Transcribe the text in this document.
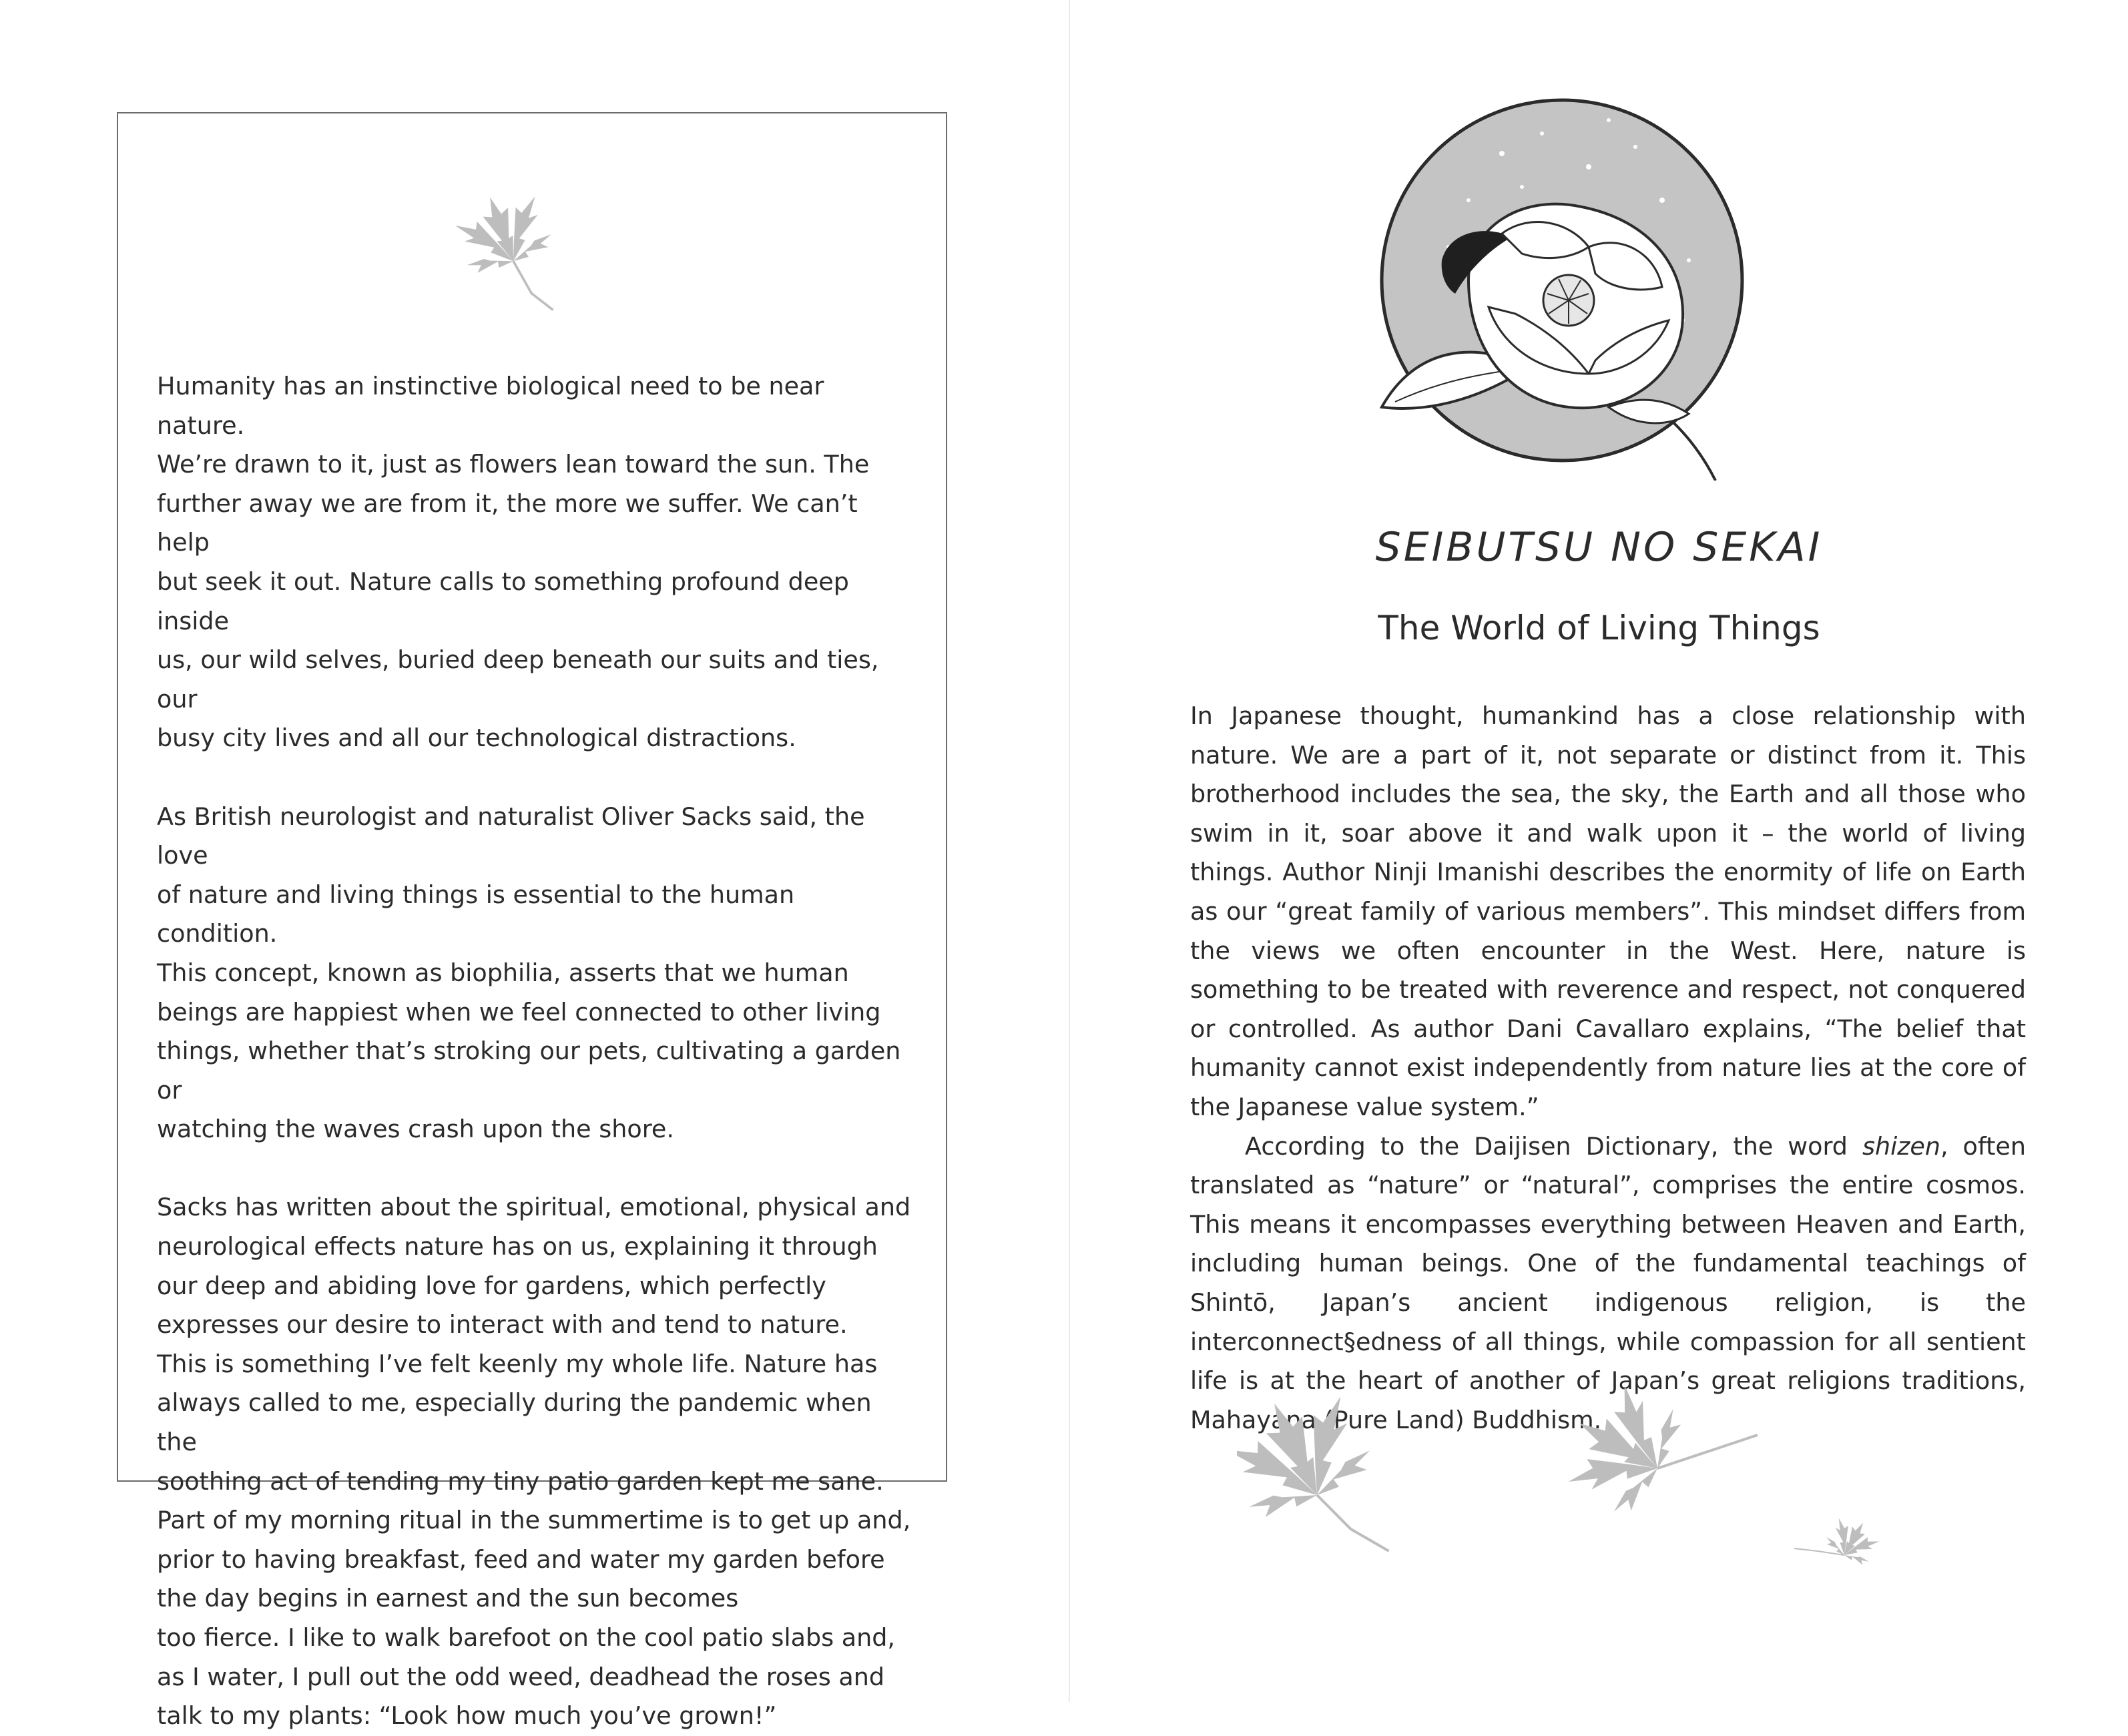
Humanity has an instinctive biological need to be near nature.
We’re drawn to it, just as flowers lean toward the sun. The
further away we are from it, the more we suffer. We can’t help
but seek it out. Nature calls to something profound deep inside
us, our wild selves, buried deep beneath our suits and ties, our
busy city lives and all our technological distractions.

As British neurologist and naturalist Oliver Sacks said, the love
of nature and living things is essential to the human condition.
This concept, known as biophilia, asserts that we human
beings are happiest when we feel connected to other living
things, whether that’s stroking our pets, cultivating a garden or
watching the waves crash upon the shore.

Sacks has written about the spiritual, emotional, physical and
neurological effects nature has on us, explaining it through
our deep and abiding love for gardens, which perfectly
expresses our desire to interact with and tend to nature.
This is something I’ve felt keenly my whole life. Nature has
always called to me, especially during the pandemic when the
soothing act of tending my tiny patio garden kept me sane.
Part of my morning ritual in the summertime is to get up and,
prior to having breakfast, feed and water my garden before
the day begins in earnest and the sun becomes
too fierce. I like to walk barefoot on the cool patio slabs and,
as I water, I pull out the odd weed, deadhead the roses and
talk to my plants: “Look how much you’ve grown!”

SEIBUTSU NO SEKAI
The World of Living Things

In Japanese thought, humankind has a close relationship with nature. We are a part of it, not separate or distinct from it. This brotherhood includes the sea, the sky, the Earth and all those who swim in it, soar above it and walk upon it – the world of living things. Author Ninji Imanishi describes the enormity of life on Earth as our “great family of various members”. This mindset differs from the views we often encounter in the West. Here, nature is something to be treated with reverence and respect, not conquered or controlled. As author Dani Cavallaro explains, “The belief that humanity cannot exist independently from nature lies at the core of the Japanese value system.”

According to the Daijisen Dictionary, the word shizen, often translated as “nature” or “natural”, comprises the entire cosmos. This means it encompasses everything between Heaven and Earth, including human beings. One of the fundamental teachings of Shintō, Japan’s ancient indigenous religion, is the interconnect§edness of all things, while compassion for all sentient life is at the heart of another of Japan’s great religions traditions, Mahayana (Pure Land) Buddhism.
